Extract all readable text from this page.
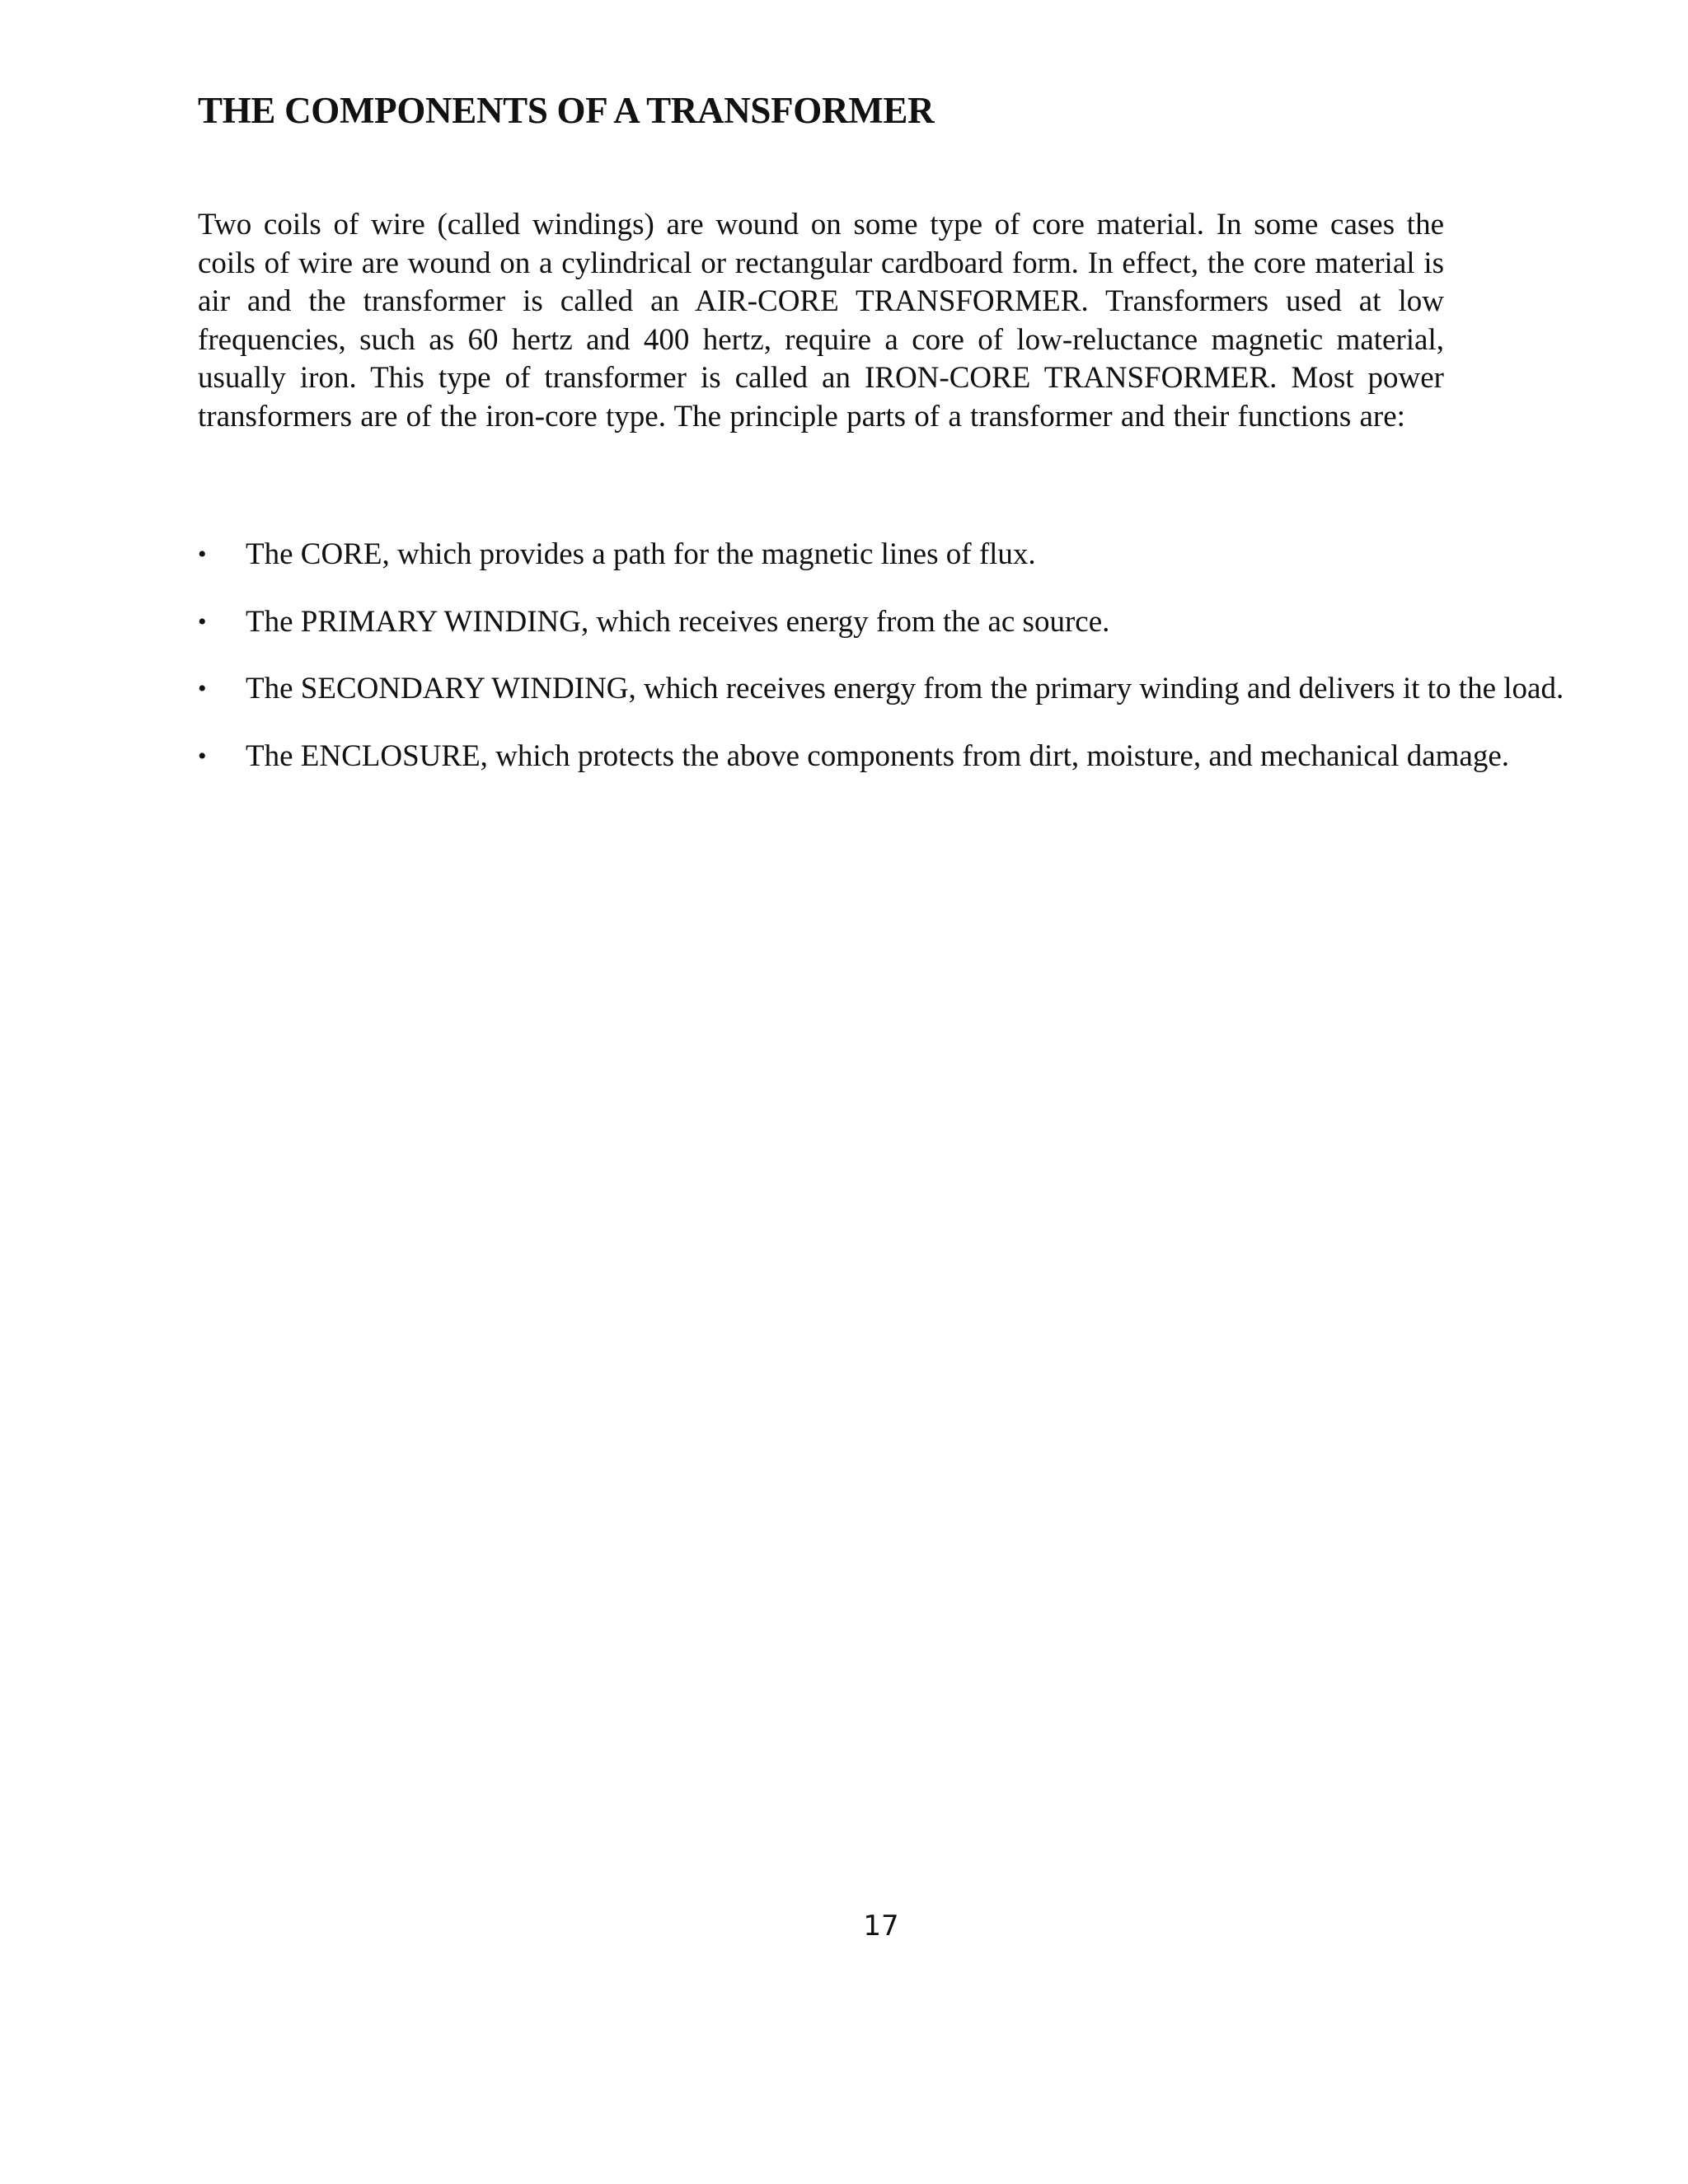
THE COMPONENTS OF A TRANSFORMER

Two coils of wire (called windings) are wound on some type of core material. In some cases the coils of wire are wound on a cylindrical or rectangular cardboard form. In effect, the core material is air and the transformer is called an AIR-CORE TRANSFORMER. Transformers used at low frequencies, such as 60 hertz and 400 hertz, require a core of low-reluctance magnetic material, usually iron. This type of transformer is called an IRON-CORE TRANSFORMER. Most power transformers are of the iron-core type. The principle parts of a transformer and their functions are:

• The CORE, which provides a path for the magnetic lines of flux.
• The PRIMARY WINDING, which receives energy from the ac source.
• The SECONDARY WINDING, which receives energy from the primary winding and delivers it to the load.
• The ENCLOSURE, which protects the above components from dirt, moisture, and mechanical damage.
17
